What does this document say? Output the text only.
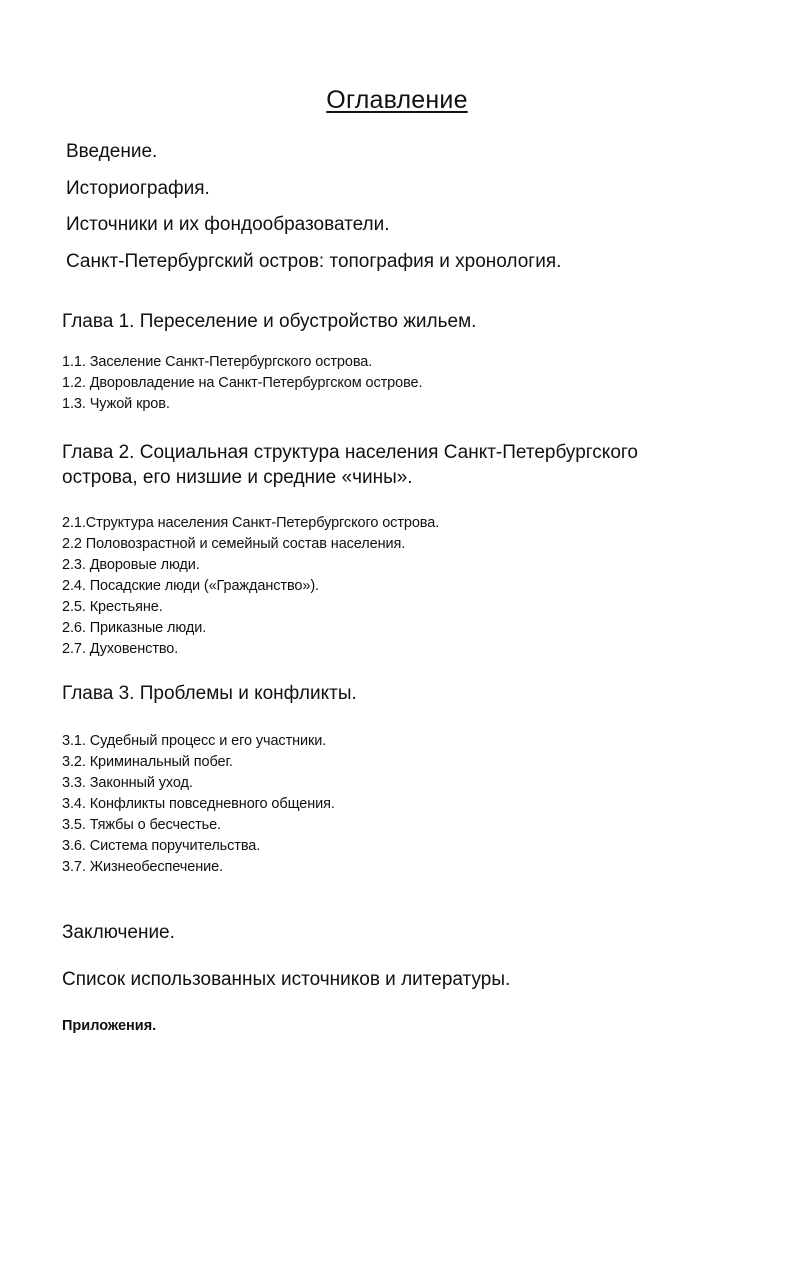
Оглавление
Введение.
Историография.
Источники и их фондообразователи.
Санкт-Петербургский остров: топография и хронология.
Глава 1. Переселение и обустройство жильем.
1.1. Заселение Санкт-Петербургского острова.
1.2. Дворовладение на Санкт-Петербургском острове.
1.3. Чужой кров.
Глава 2. Социальная структура населения Санкт-Петербургского
острова, его низшие и средние «чины».
2.1.Структура населения Санкт-Петербургского острова.
2.2 Половозрастной и семейный состав населения.
2.3. Дворовые люди.
2.4. Посадские люди («Гражданство»).
2.5. Крестьяне.
2.6. Приказные люди.
2.7. Духовенство.
Глава 3. Проблемы и конфликты.
3.1. Судебный процесс и его участники.
3.2. Криминальный побег.
3.3. Законный уход.
3.4. Конфликты повседневного общения.
3.5. Тяжбы о бесчестье.
3.6. Система поручительства.
3.7. Жизнеобеспечение.
Заключение.
Список использованных источников и литературы.
Приложения.
